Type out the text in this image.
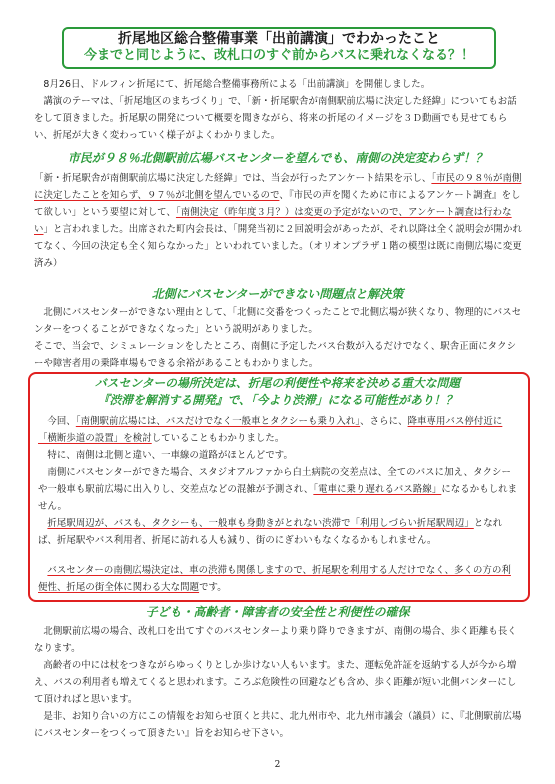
折尾地区総合整備事業「出前講演」でわかったこと
今までと同じように、改札口のすぐ前からバスに乗れなくなる？！
8月26日、ドルフィン折尾にて、折尾総合整備事務所による「出前講演」を開催しました。
講演のテーマは、「折尾地区のまちづくり」で、「新・折尾駅舎が南側駅前広場に決定した経緯」についてもお話をして頂きました。折尾駅の開発について概要を聞きながら、将来の折尾のイメージを３Ｄ動画でも見せてもらい、折尾が大きく変わっていく様子がよくわかりました。
市民が９８％北側駅前広場バスセンターを望んでも、南側の決定変わらず！？
「新・折尾駅舎が南側駅前広場に決定した経緯」では、当会が行ったアンケート結果を示し、「市民の９８％が南側に決定したことを知らず、９７％が北側を望んでいるので、『市民の声を聞くために市によるアンケート調査』をして欲しい」という要望に対して、「南側決定（昨年度３月？）は変更の予定がないので、アンケート調査は行わない」と言われました。出席された町内会長は、「開発当初に２回説明会があったが、それ以降は全く説明会が開かれてなく、今回の決定も全く知らなかった」といわれていました。（オリオンプラザ１階の模型は既に南側広場に変更済み）
北側にバスセンターができない問題点と解決策
北側にバスセンターができない理由として、「北側に交番をつくったことで北側広場が狭くなり、物理的にバスセンターをつくることができなくなった」という説明がありました。
そこで、当会で、シミュレーションをしたところ、南側に予定したバス台数が入るだけでなく、駅舎正面にタクシーや障害者用の乗降車場もできる余裕があることもわかりました。
バスセンターの場所決定は、折尾の利便性や将来を決める重大な問題
『渋滞を解消する開発』で、「今より渋滞」になる可能性があり！？
今回、「南側駅前広場には、バスだけでなく一般車とタクシーも乗り入れ」、さらに、降車専用バス停付近に「横断歩道の設置」を検討していることもわかりました。
特に、南側は北側と違い、一車線の道路がほとんどです。
南側にバスセンターができた場合、スタジオアルファから白土病院の交差点は、全てのバスに加え、タクシーや一般車も駅前広場に出入りし、交差点などの混雑が予測され、「電車に乗り遅れるバス路線」になるかもしれません。
折尾駅周辺が、バスも、タクシーも、一般車も身動きがとれない渋滞で「利用しづらい折尾駅周辺」となれば、折尾駅やバス利用者、折尾に訪れる人も減り、街のにぎわいもなくなるかもしれません。
バスセンターの南側広場決定は、車の渋滞も関係しますので、折尾駅を利用する人だけでなく、多くの方の利便性、折尾の街全体に関わる大な問題です。
子ども・高齢者・障害者の安全性と利便性の確保
北側駅前広場の場合、改札口を出てすぐのバスセンターより乗り降りできますが、南側の場合、歩く距離も長くなります。
高齢者の中には杖をつきながらゆっくりとしか歩けない人もいます。また、運転免許証を返納する人が今から増え、バスの利用者も増えてくると思われます。ころぶ危険性の回避なども含め、歩く距離が短い北側バンターにして頂ければと思います。
是非、お知り合いの方にこの情報をお知らせ頂くと共に、北九州市や、北九州市議会（議員）に、『北側駅前広場にバスセンターをつくって頂きたい』旨をお知らせ下さい。
2
